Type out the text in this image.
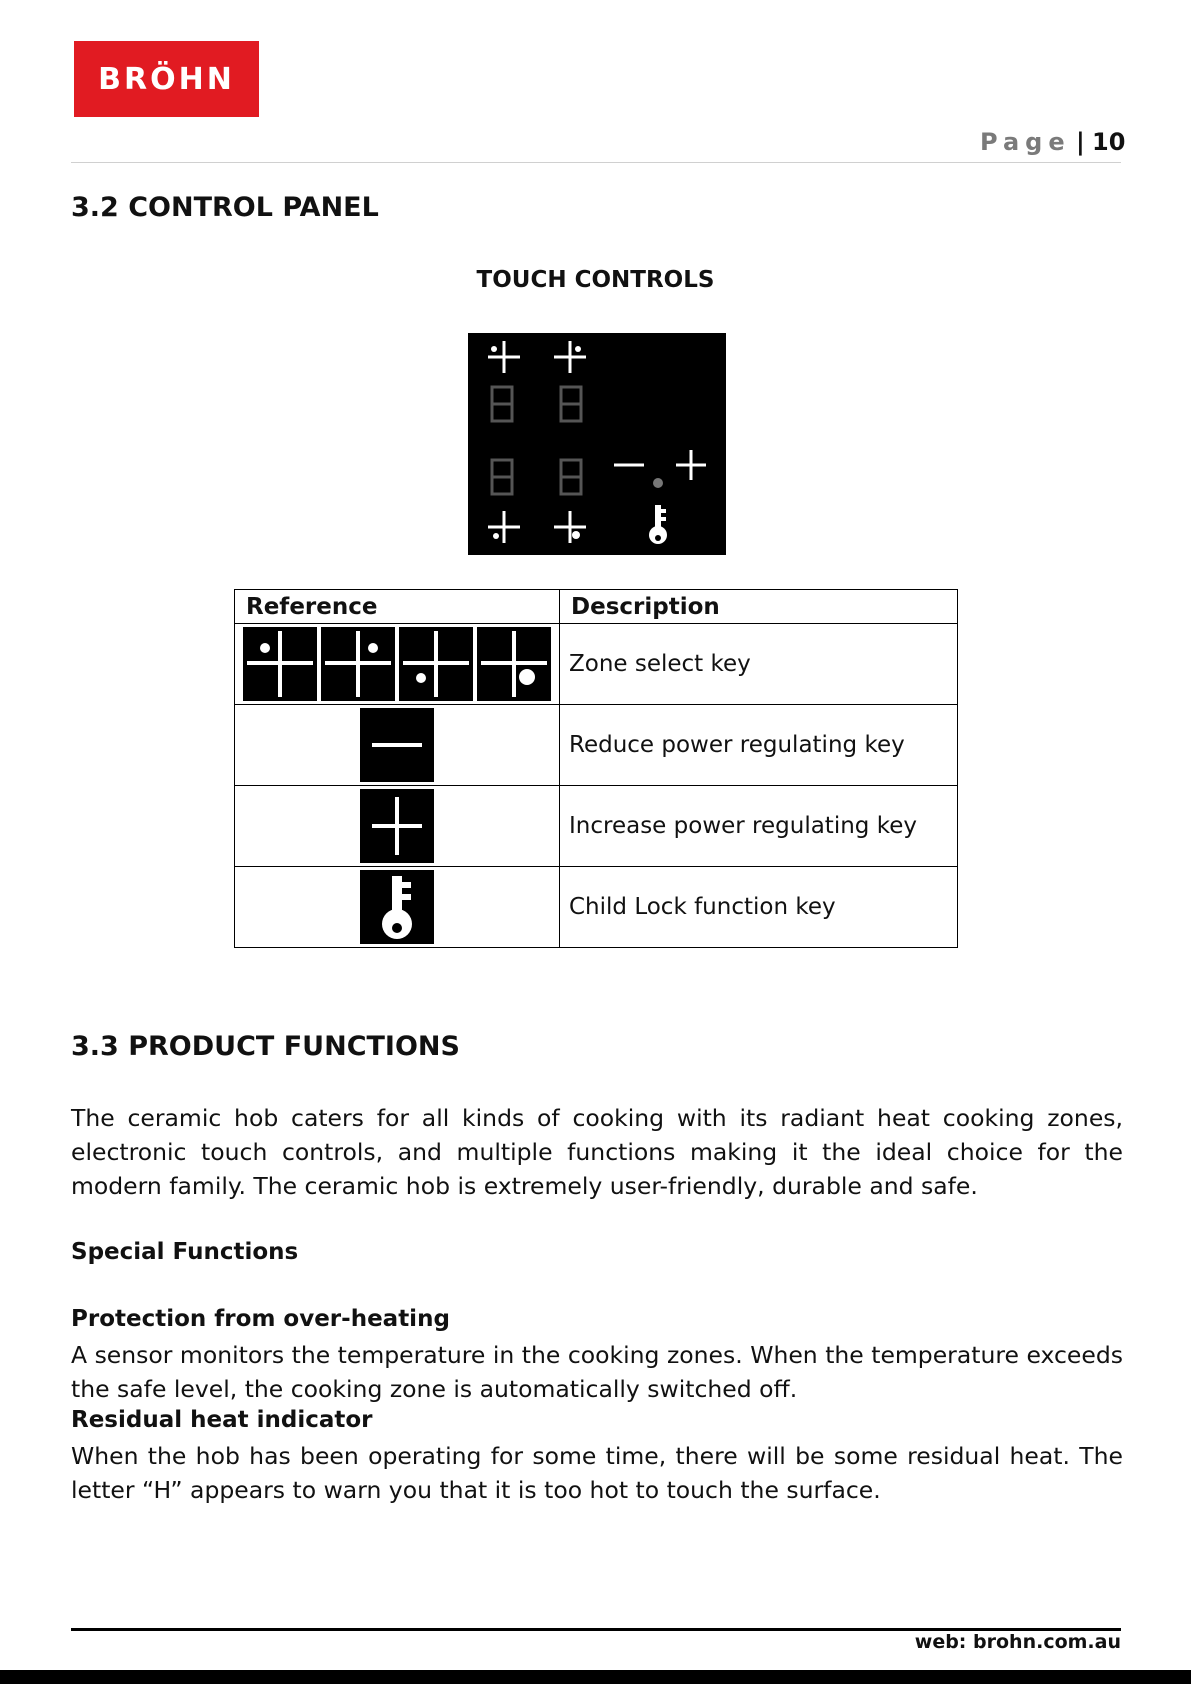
BRÖHN
Page | 10
3.2 CONTROL PANEL
TOUCH CONTROLS
Reference	Description

	Zone select key
	Reduce power regulating key
	Increase power regulating key
	Child Lock function key
3.3 PRODUCT FUNCTIONS
The ceramic hob caters for all kinds of cooking with its radiant heat cooking zones, electronic touch controls, and multiple functions making it the ideal choice for the modern family. The ceramic hob is extremely user-friendly, durable and safe.
Special Functions
Protection from over-heating
A sensor monitors the temperature in the cooking zones. When the temperature exceeds the safe level, the cooking zone is automatically switched off.
Residual heat indicator
When the hob has been operating for some time, there will be some residual heat. The letter “H” appears to warn you that it is too hot to touch the surface.
web: brohn.com.au
